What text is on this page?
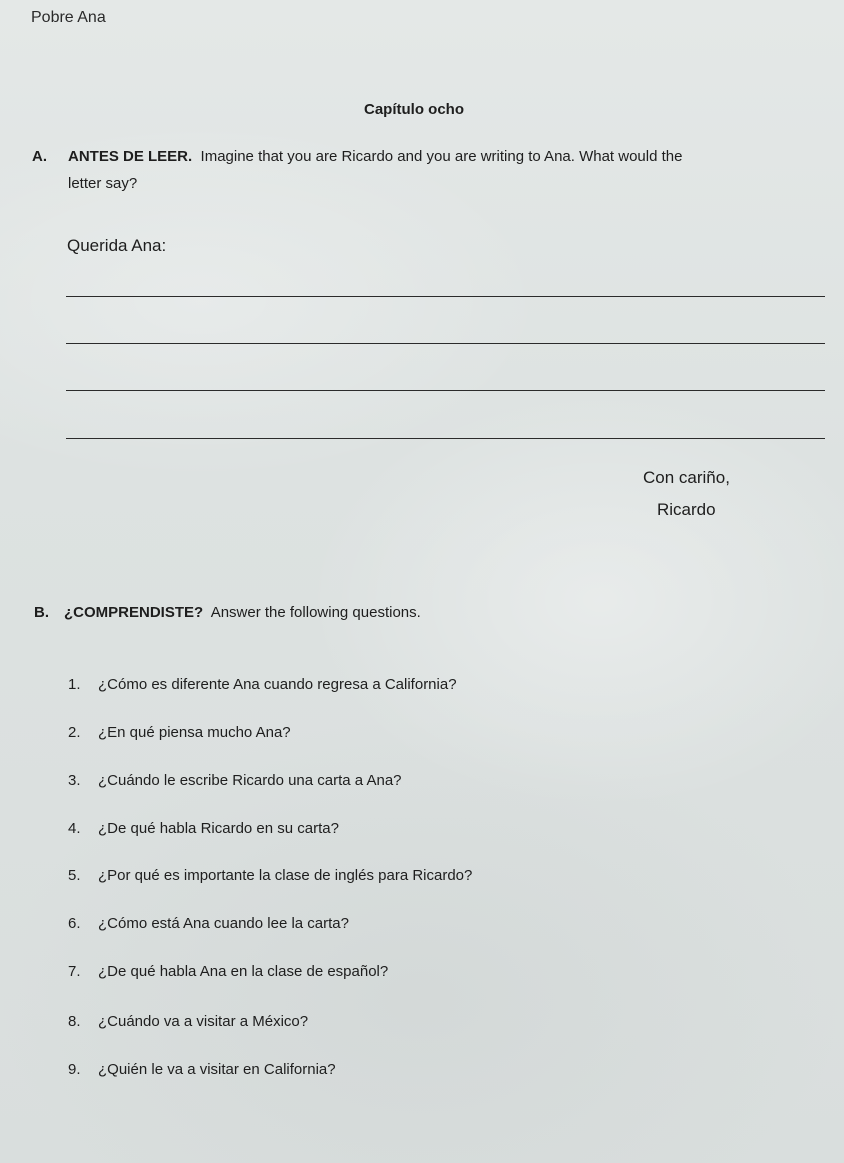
Pobre Ana
Capítulo ocho
A. ANTES DE LEER. Imagine that you are Ricardo and you are writing to Ana. What would the
letter say?
Querida Ana:
Con cariño,
Ricardo
B. ¿COMPRENDISTE? Answer the following questions.
1. ¿Cómo es diferente Ana cuando regresa a California?
2. ¿En qué piensa mucho Ana?
3. ¿Cuándo le escribe Ricardo una carta a Ana?
4. ¿De qué habla Ricardo en su carta?
5. ¿Por qué es importante la clase de inglés para Ricardo?
6. ¿Cómo está Ana cuando lee la carta?
7. ¿De qué habla Ana en la clase de español?
8. ¿Cuándo va a visitar a México?
9. ¿Quién le va a visitar en California?
